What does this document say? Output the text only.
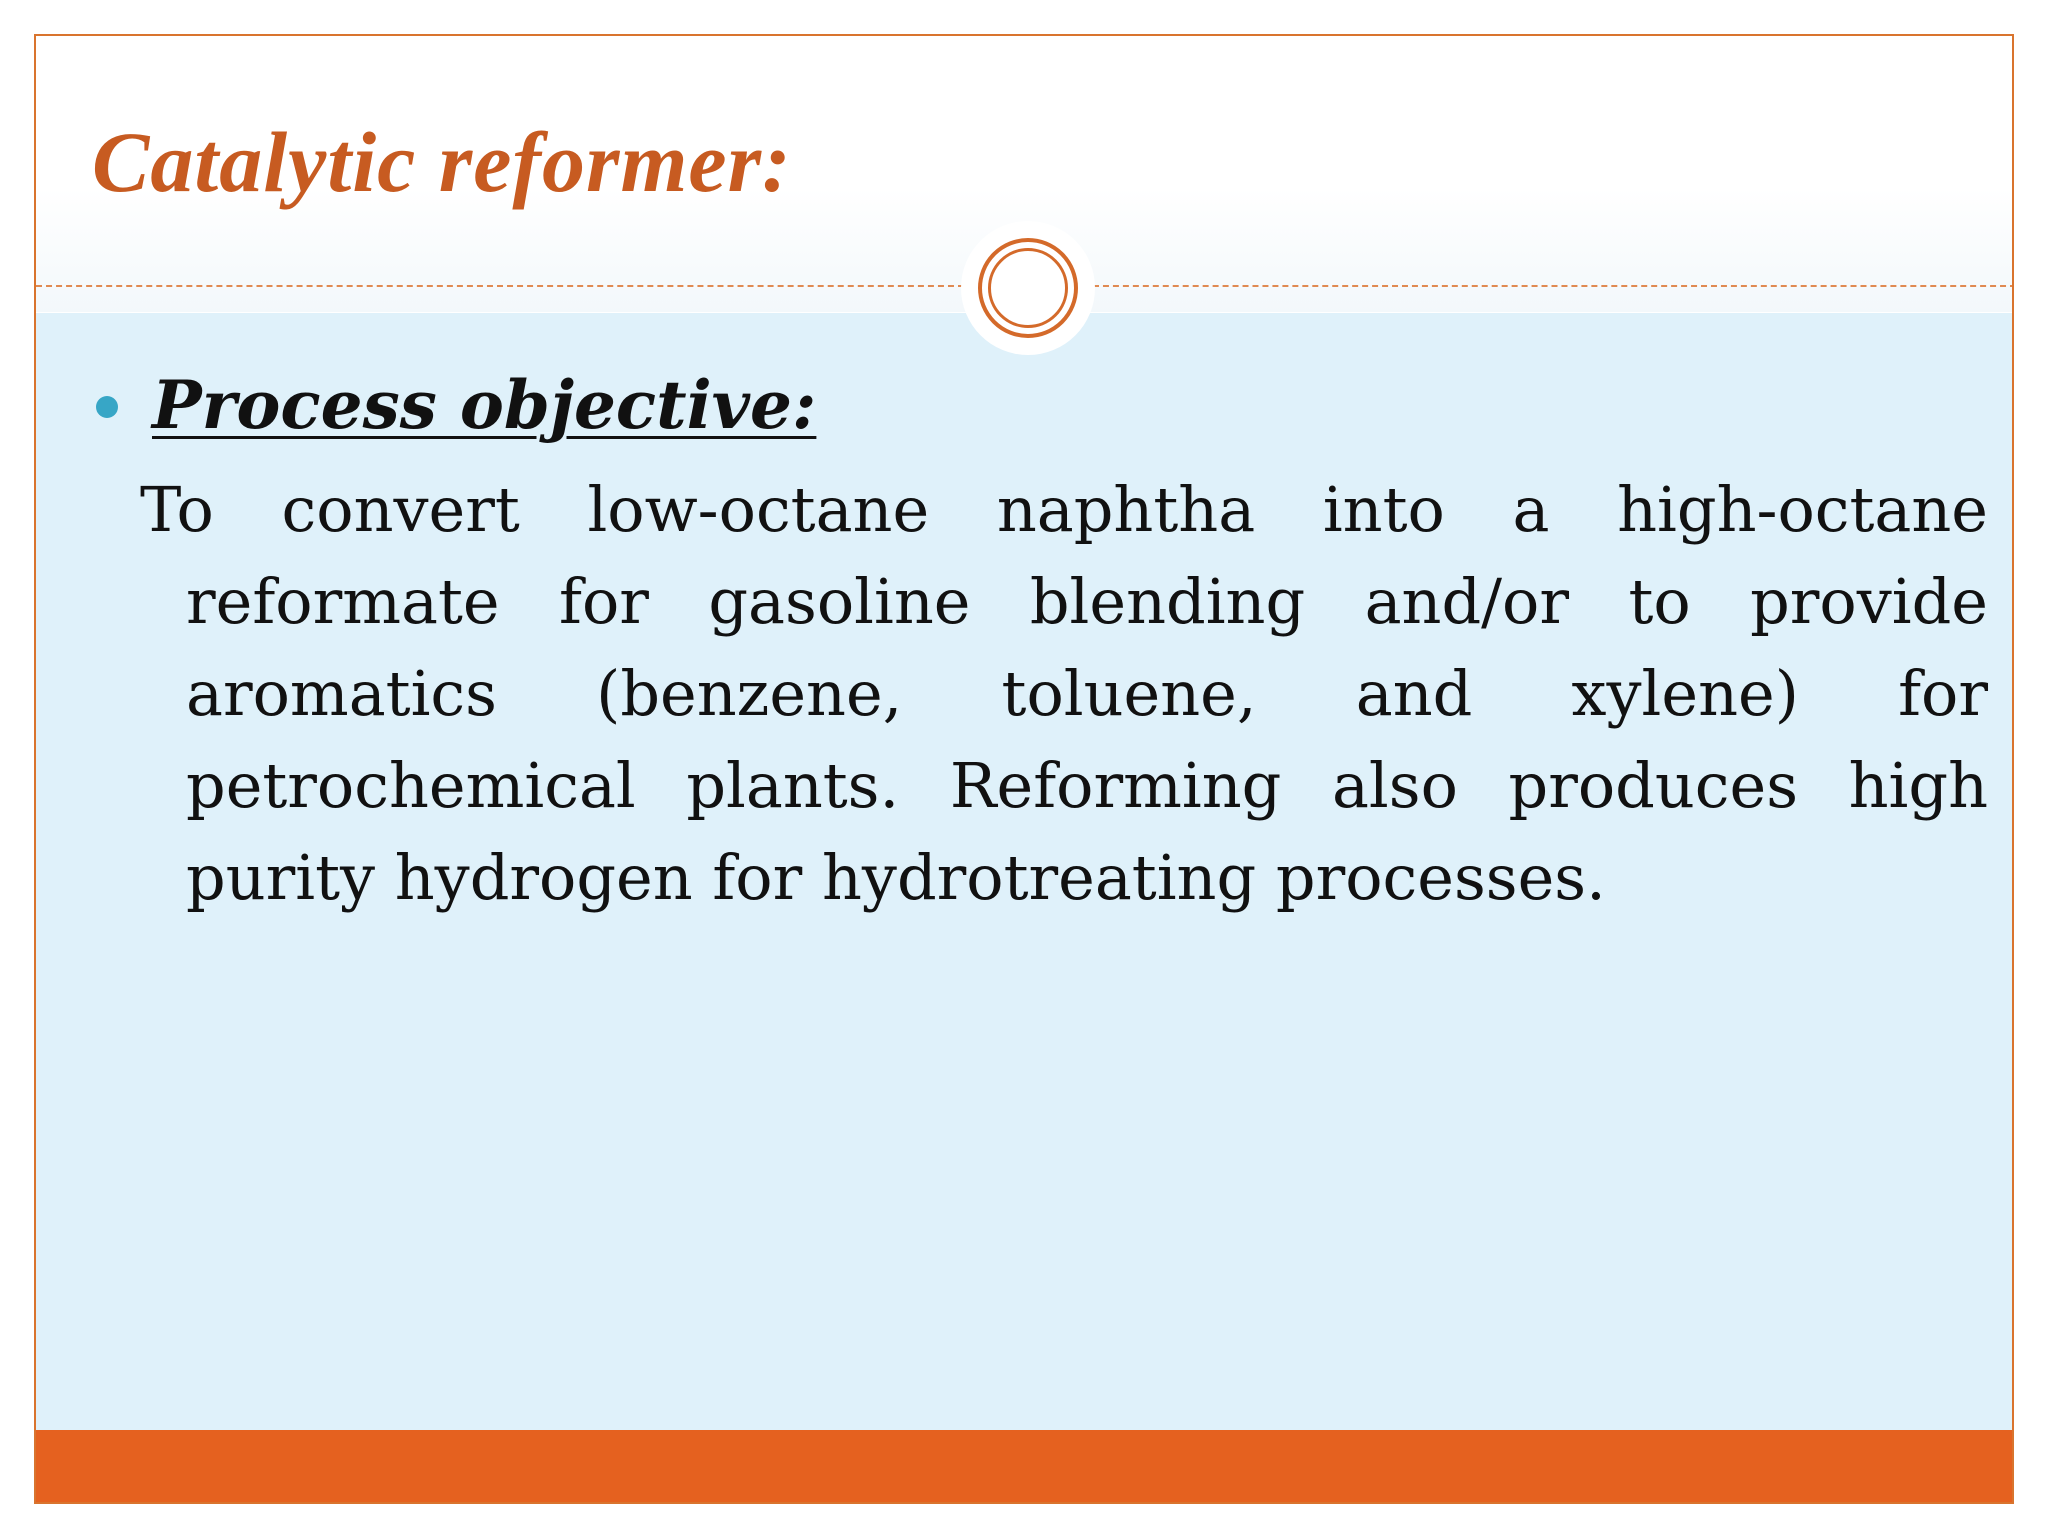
Catalytic reformer:
Process objective:

To convert low-octane naphtha into a high-octane reformate for gasoline blending and/or to provide aromatics (benzene, toluene, and xylene) for petrochemical plants. Reforming also produces high purity hydrogen for hydrotreating processes.
